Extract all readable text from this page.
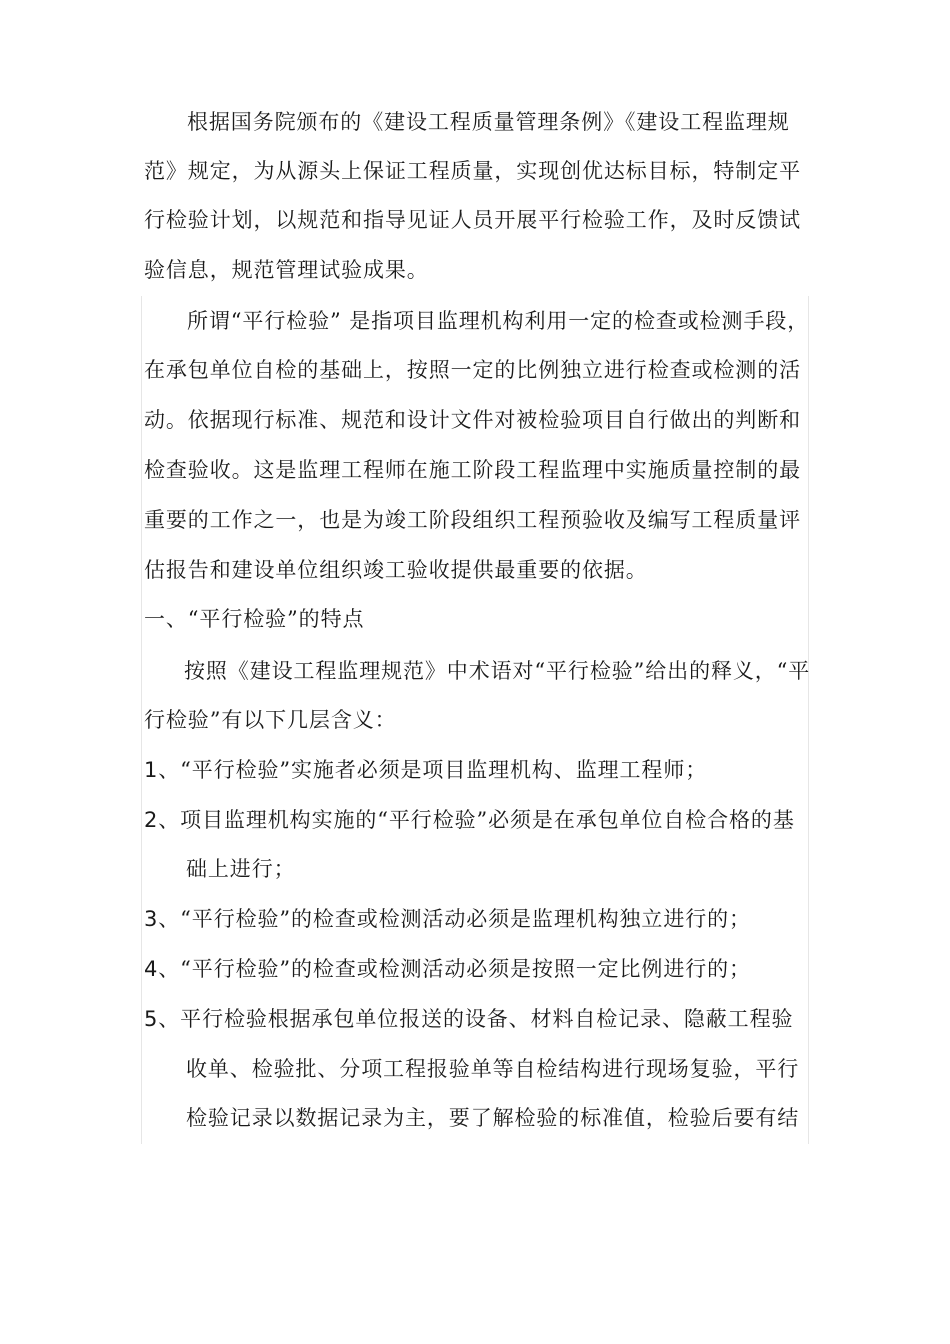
根据国务院颁布的《建设工程质量管理条例》《建设工程监理规
范》规定，为从源头上保证工程质量，实现创优达标目标，特制定平
行检验计划，以规范和指导见证人员开展平行检验工作，及时反馈试
验信息，规范管理试验成果。
所谓“平行检验” 是指项目监理机构利用一定的检查或检测手段，
在承包单位自检的基础上，按照一定的比例独立进行检查或检测的活
动。依据现行标准、规范和设计文件对被检验项目自行做出的判断和
检查验收。这是监理工程师在施工阶段工程监理中实施质量控制的最
重要的工作之一，也是为竣工阶段组织工程预验收及编写工程质量评
估报告和建设单位组织竣工验收提供最重要的依据。
一、“平行检验”的特点
按照《建设工程监理规范》中术语对“平行检验”给出的释义，“平
行检验”有以下几层含义：
1、“平行检验”实施者必须是项目监理机构、监理工程师；
2、项目监理机构实施的“平行检验”必须是在承包单位自检合格的基
础上进行；
3、“平行检验”的检查或检测活动必须是监理机构独立进行的；
4、“平行检验”的检查或检测活动必须是按照一定比例进行的；
5、平行检验根据承包单位报送的设备、材料自检记录、隐蔽工程验
收单、检验批、分项工程报验单等自检结构进行现场复验，平行
检验记录以数据记录为主，要了解检验的标准值，检验后要有结
